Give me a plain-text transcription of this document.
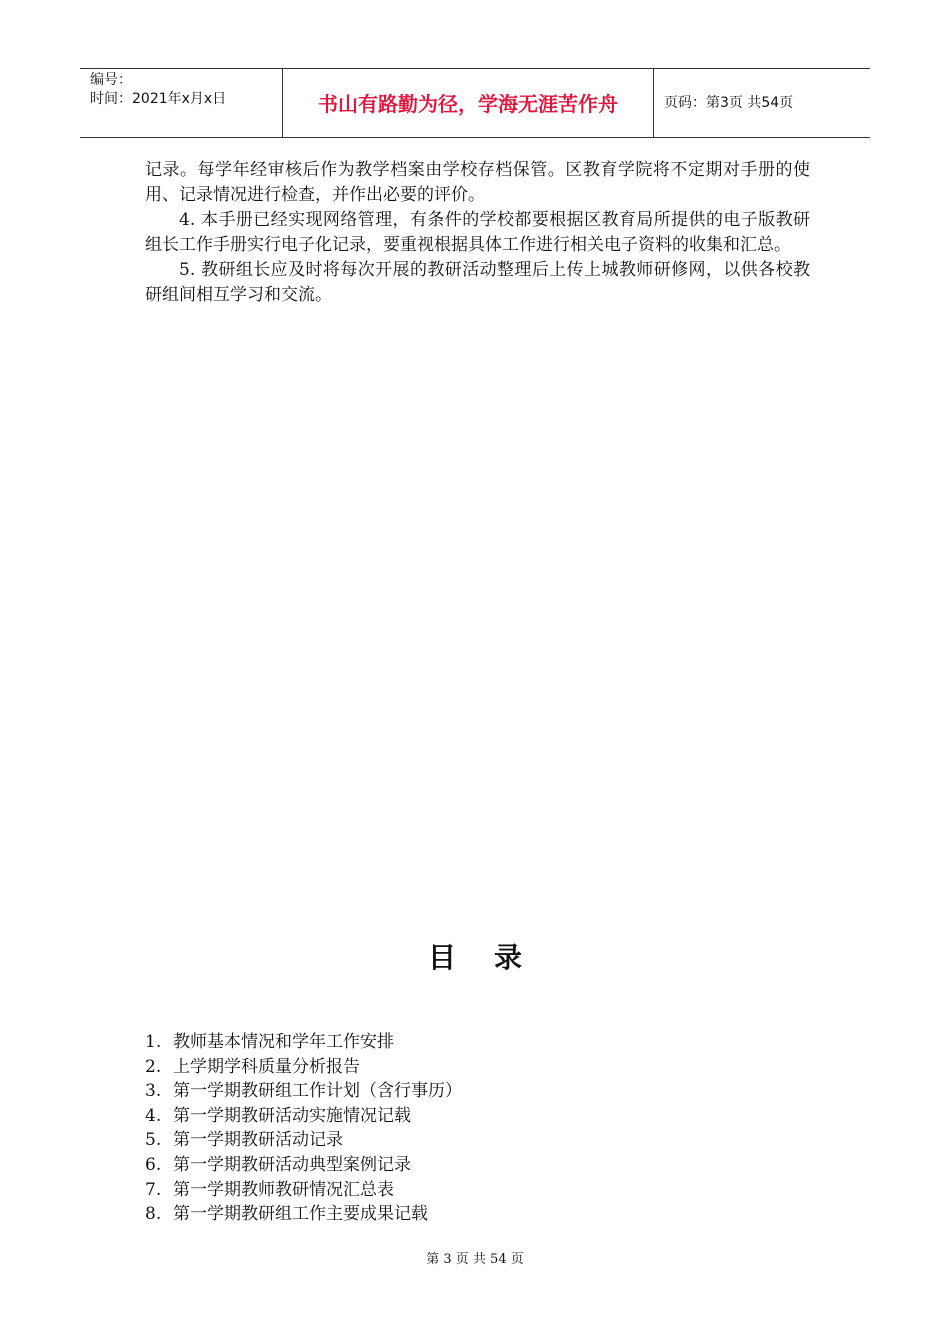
编号：
时间：2021年x月x日	书山有路勤为径，学海无涯苦作舟	页码：第3页 共54页

记录。每学年经审核后作为教学档案由学校存档保管。区教育学院将不定期对手册的使用、记录情况进行检查，并作出必要的评价。

4. 本手册已经实现网络管理，有条件的学校都要根据区教育局所提供的电子版教研组长工作手册实行电子化记录，要重视根据具体工作进行相关电子资料的收集和汇总。

5. 教研组长应及时将每次开展的教研活动整理后上传上城教师研修网，以供各校教研组间相互学习和交流。

目录
1. 教师基本情况和学年工作安排
2. 上学期学科质量分析报告
3. 第一学期教研组工作计划（含行事历）
4. 第一学期教研活动实施情况记载
5. 第一学期教研活动记录
6. 第一学期教研活动典型案例记录
7. 第一学期教师教研情况汇总表
8. 第一学期教研组工作主要成果记载
第 3 页 共 54 页
